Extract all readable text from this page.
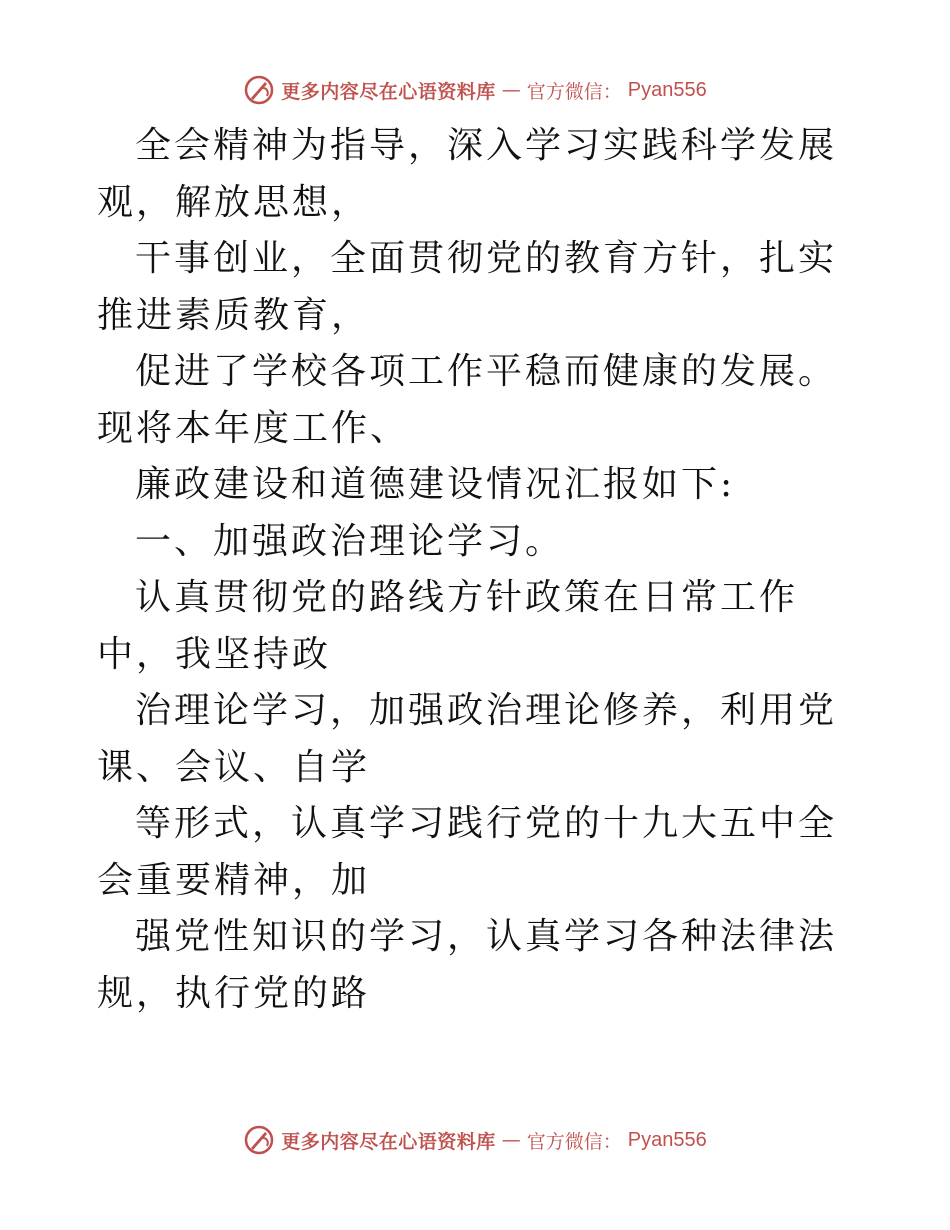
更多内容尽在心语资料库 — 官方微信： Pyan556

全会精神为指导，深入学习实践科学发展观，解放思想，

干事创业，全面贯彻党的教育方针，扎实推进素质教育，

促进了学校各项工作平稳而健康的发展。现将本年度工作、

廉政建设和道德建设情况汇报如下:

一、加强政治理论学习。

认真贯彻党的路线方针政策在日常工作中，我坚持政

治理论学习，加强政治理论修养，利用党课、会议、自学

等形式，认真学习践行党的十九大五中全会重要精神，加

强党性知识的学习，认真学习各种法律法规，执行党的路

更多内容尽在心语资料库 — 官方微信： Pyan556
